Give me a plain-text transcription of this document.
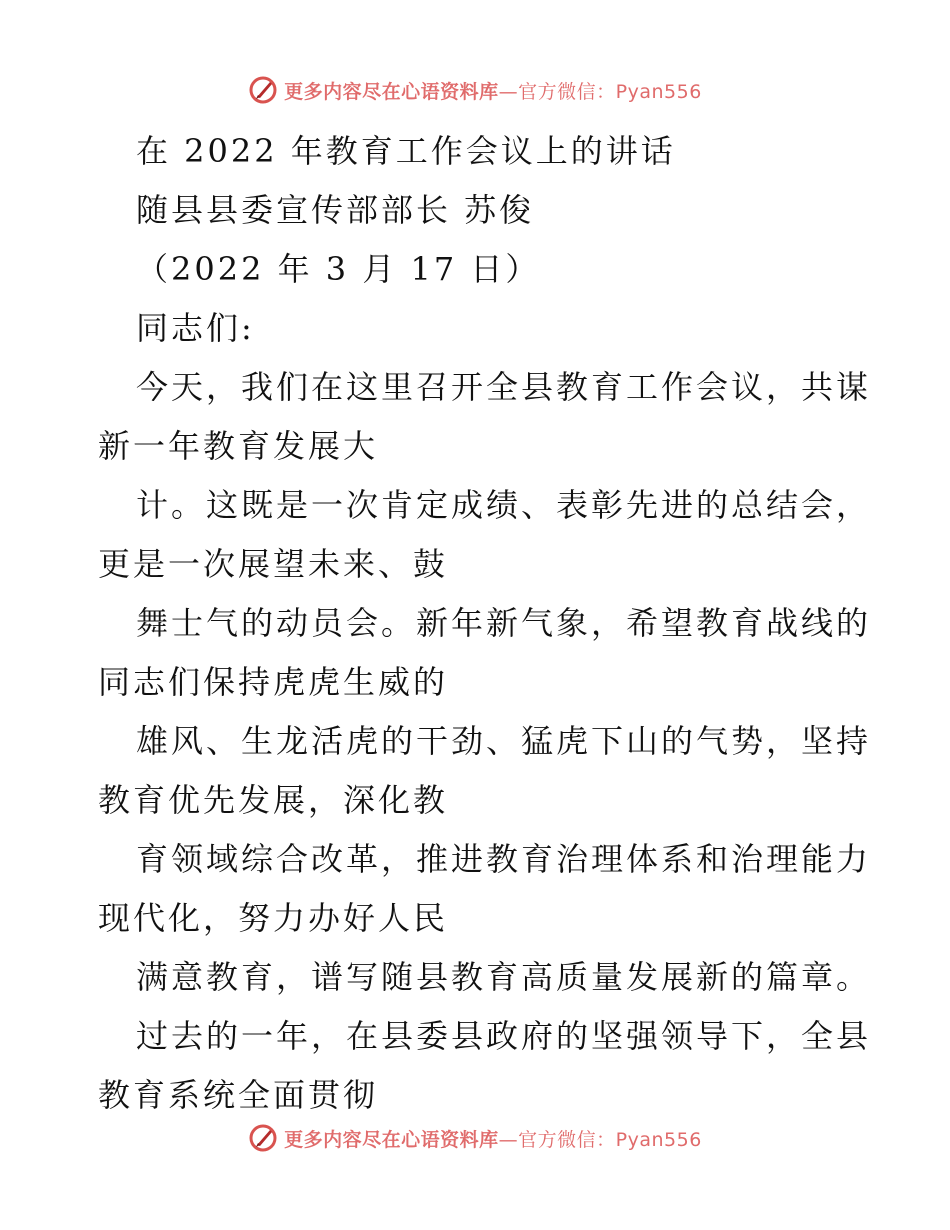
更多内容尽在心语资料库—官方微信：Pyan556
在 2022 年教育工作会议上的讲话
随县县委宣传部部长 苏俊
（2022 年 3 月 17 日）
同志们:
今天，我们在这里召开全县教育工作会议，共谋
新一年教育发展大
计。这既是一次肯定成绩、表彰先进的总结会，
更是一次展望未来、鼓
舞士气的动员会。新年新气象，希望教育战线的
同志们保持虎虎生威的
雄风、生龙活虎的干劲、猛虎下山的气势，坚持
教育优先发展，深化教
育领域综合改革，推进教育治理体系和治理能力
现代化，努力办好人民
满意教育，谱写随县教育高质量发展新的篇章。
过去的一年，在县委县政府的坚强领导下，全县
教育系统全面贯彻
更多内容尽在心语资料库—官方微信：Pyan556
